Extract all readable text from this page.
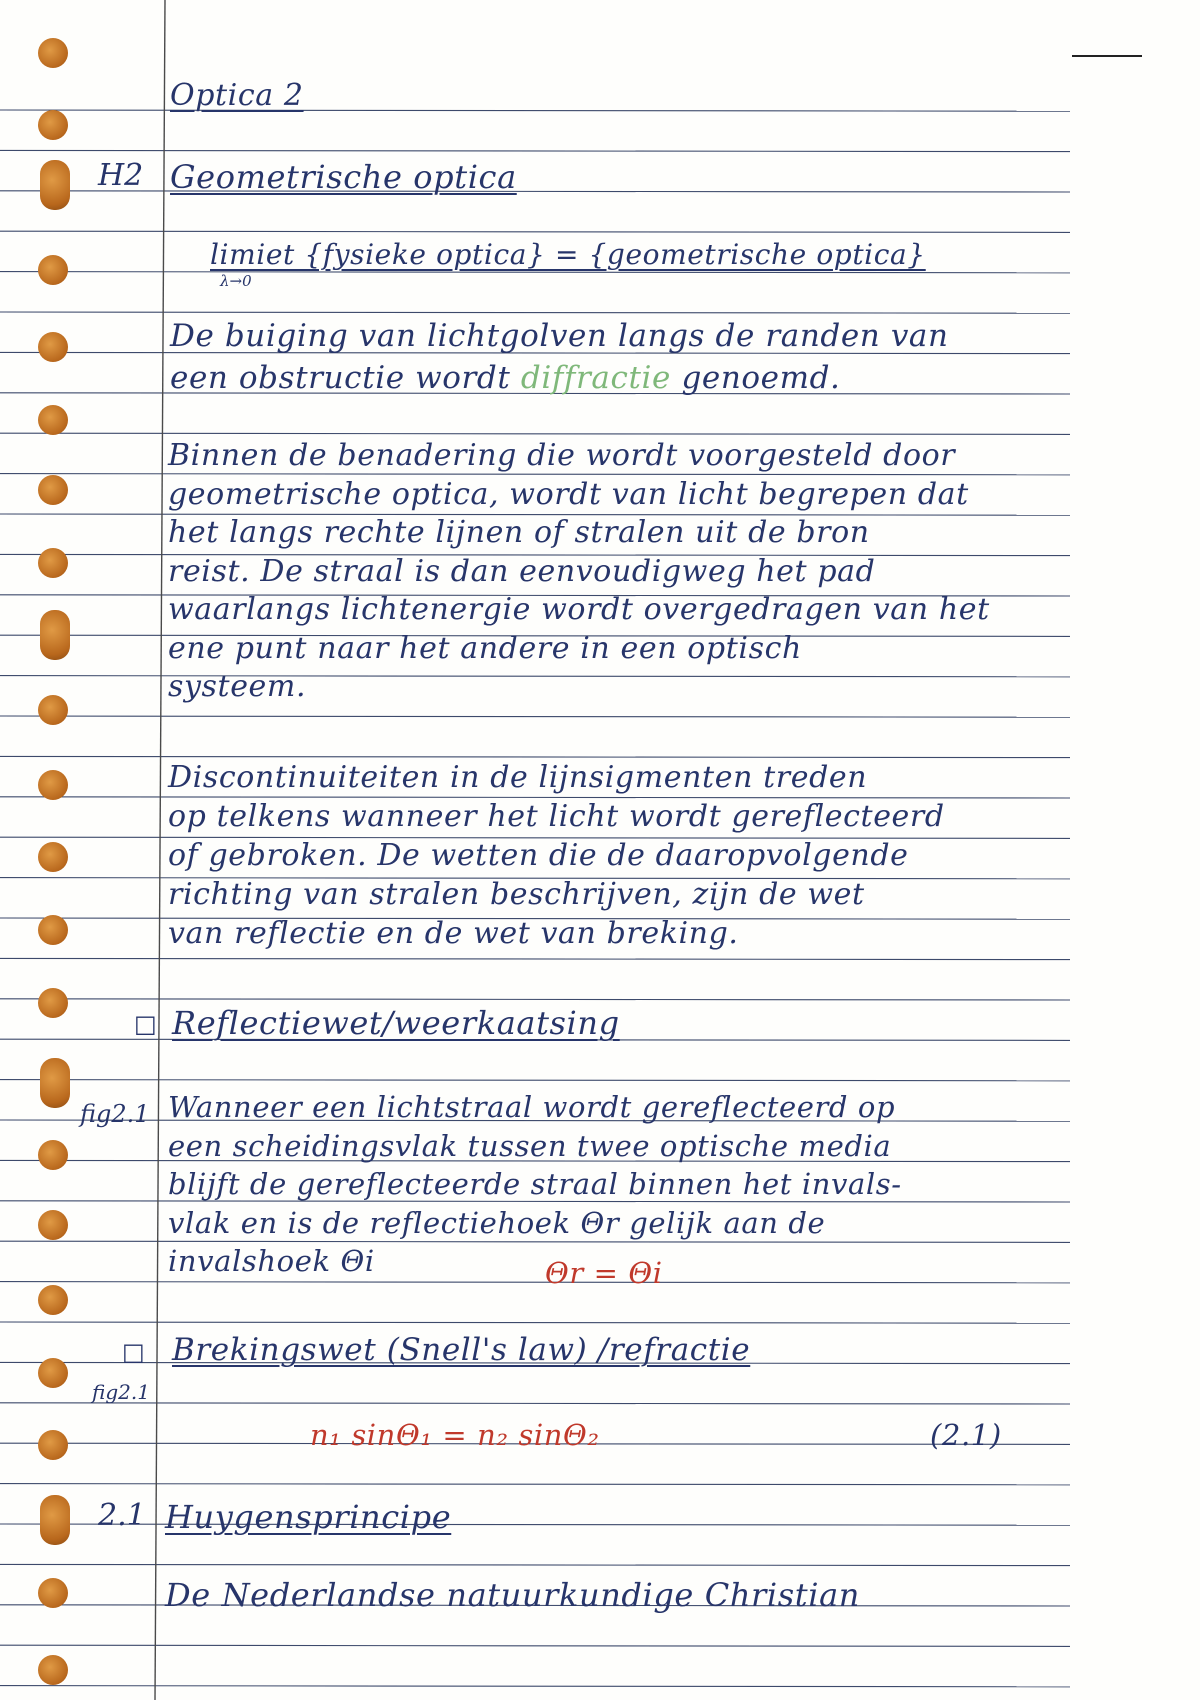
Optica 2
H2 Geometrische optica
limiet {fysieke optica} = {geometrische optica}
λ→0
De buiging van lichtgolven langs de randen van
een obstructie wordt diffractie genoemd.
Binnen de benadering die wordt voorgesteld door
geometrische optica, wordt van licht begrepen dat
het langs rechte lijnen of stralen uit de bron
reist. De straal is dan eenvoudigweg het pad
waarlangs lichtenergie wordt overgedragen van het
ene punt naar het andere in een optisch
systeem.
Discontinuiteiten in de lijnsigmenten treden
op telkens wanneer het licht wordt gereflecteerd
of gebroken. De wetten die de daaropvolgende
richting van stralen beschrijven, zijn de wet
van reflectie en de wet van breking.
□ Reflectiewet/weerkaatsing
fig2.1 Wanneer een lichtstraal wordt gereflecteerd op
een scheidingsvlak tussen twee optische media
blijft de gereflecteerde straal binnen het invals-
vlak en is de reflectiehoek Θr gelijk aan de
invalshoek Θi	Θr = Θi
□ Brekingswet (Snell's law) /refractie
fig2.1
n₁ sinΘ₁ = n₂ sinΘ₂	(2.1)
2.1 Huygensprincipe
De Nederlandse natuurkundige Christian
